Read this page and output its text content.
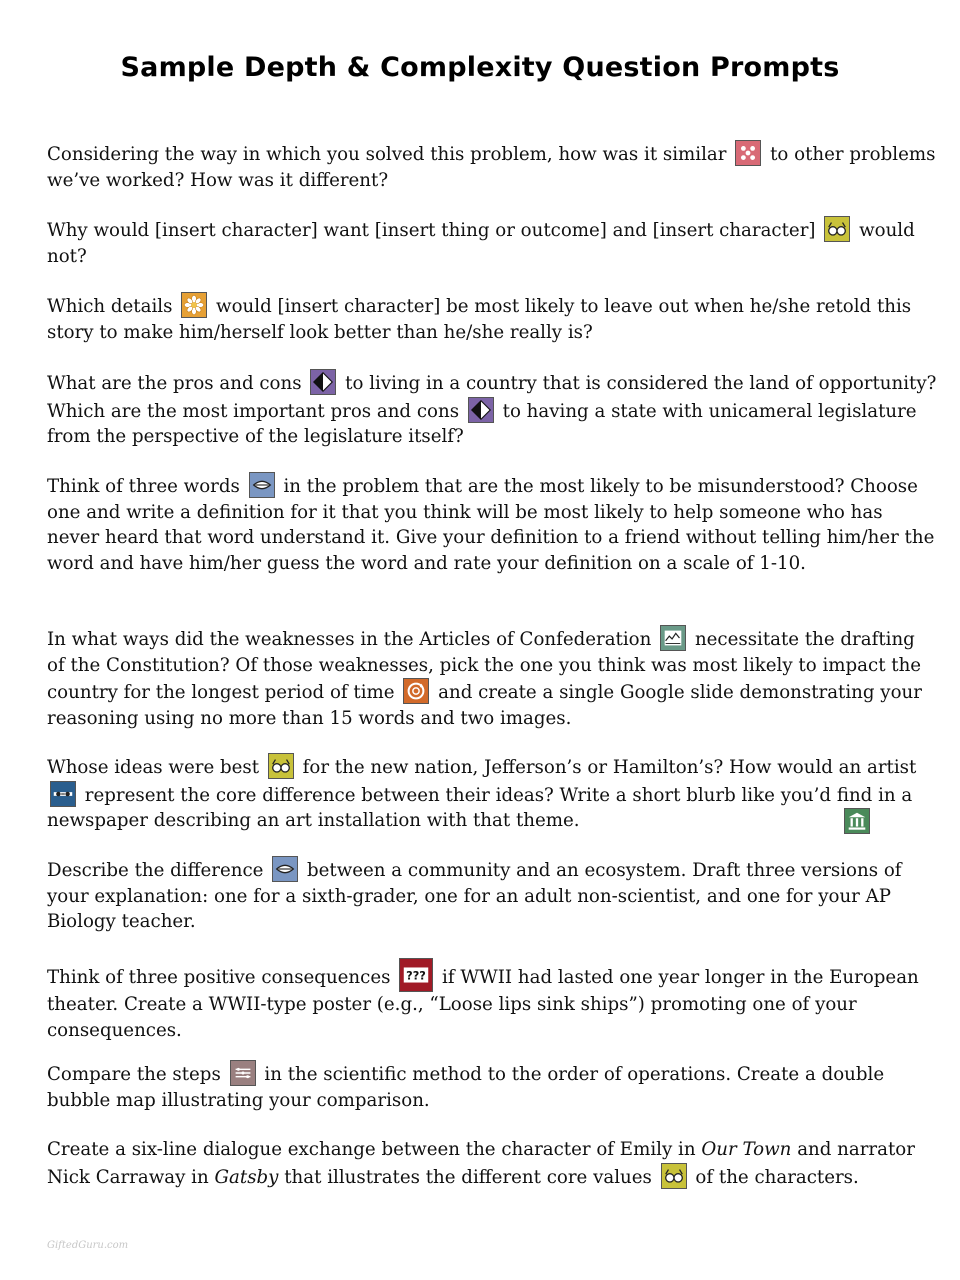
Sample Depth & Complexity Question Prompts

Considering the way in which you solved this problem, how was it similar to other problems we’ve worked? How was it different?

Why would [insert character] want [insert thing or outcome] and [insert character] would not?

Which details would [insert character] be most likely to leave out when he/she retold this story to make him/herself look better than he/she really is?

What are the pros and cons to living in a country that is considered the land of opportunity? Which are the most important pros and cons to having a state with unicameral legislature from the perspective of the legislature itself?

Think of three words in the problem that are the most likely to be misunderstood? Choose one and write a definition for it that you think will be most likely to help someone who has never heard that word understand it. Give your definition to a friend without telling him/her the word and have him/her guess the word and rate your definition on a scale of 1-10.

In what ways did the weaknesses in the Articles of Confederation necessitate the drafting of the Constitution? Of those weaknesses, pick the one you think was most likely to impact the country for the longest period of time and create a single Google slide demonstrating your reasoning using no more than 15 words and two images.

Whose ideas were best for the new nation, Jefferson’s or Hamilton’s? How would an artist
represent the core difference between their ideas? Write a short blurb like you’d find in a newspaper describing an art installation with that theme.

Describe the difference between a community and an ecosystem. Draft three versions of your explanation: one for a sixth-grader, one for an adult non-scientist, and one for your AP Biology teacher.

Think of three positive consequences ??? if WWII had lasted one year longer in the European theater. Create a WWII-type poster (e.g., “Loose lips sink ships”) promoting one of your consequences.

Compare the steps in the scientific method to the order of operations. Create a double bubble map illustrating your comparison.

Create a six-line dialogue exchange between the character of Emily in Our Town and narrator Nick Carraway in Gatsby that illustrates the different core values of the characters.

GiftedGuru.com
